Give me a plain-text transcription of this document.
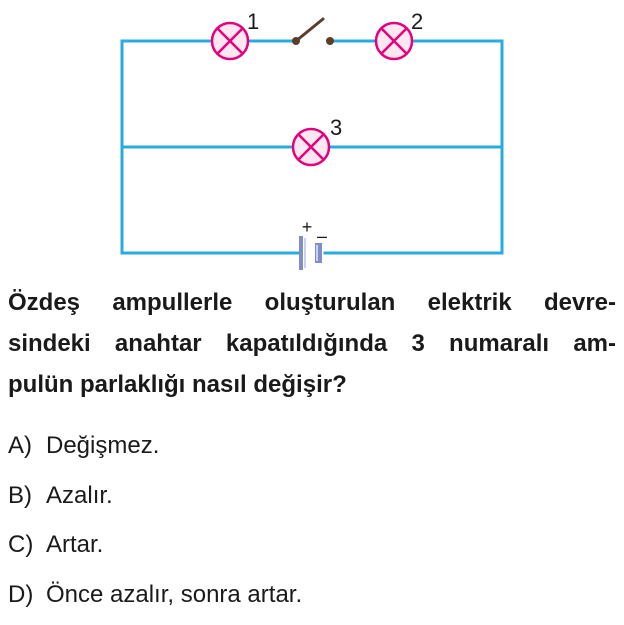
1	2
3
+ –
Özdeş ampullerle oluşturulan elektrik devre-
sindeki anahtar kapatıldığında 3 numaralı am-
pulün parlaklığı nasıl değişir?
A) Değişmez.
B) Azalır.
C) Artar.
D) Önce azalır, sonra artar.
